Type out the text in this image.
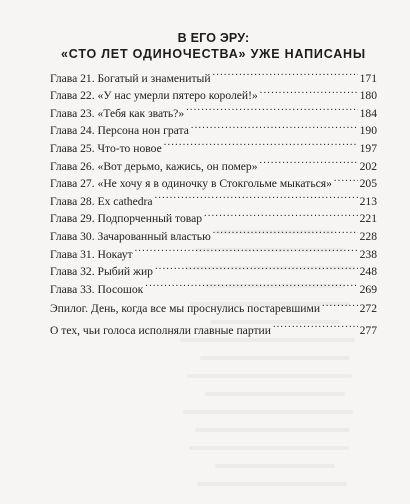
В ЕГО ЭРУ:
«СТО ЛЕТ ОДИНОЧЕСТВА» УЖЕ НАПИСАНЫ
Глава 21. Богатый и знаменитый .....	171
Глава 22. «У нас умерли пятеро королей!» .....	180
Глава 23. «Тебя как звать?» .....	184
Глава 24. Персона нон грата .....	190
Глава 25. Что-то новое .....	197
Глава 26. «Вот дерьмо, кажись, он помер» .....	202
Глава 27. «Не хочу я в одиночку в Стокгольме мыкаться» ..... 205
Глава 28. Ex cathedra .....	213
Глава 29. Подпорченный товар .....	221
Глава 30. Зачарованный властью .....	228
Глава 31. Нокаут .....	238
Глава 32. Рыбий жир .....	248
Глава 33. Посошок .....	269
Эпилог. День, когда все мы проснулись постаревшими .....	272
О тех, чьи голоса исполняли главные партии .....	277
